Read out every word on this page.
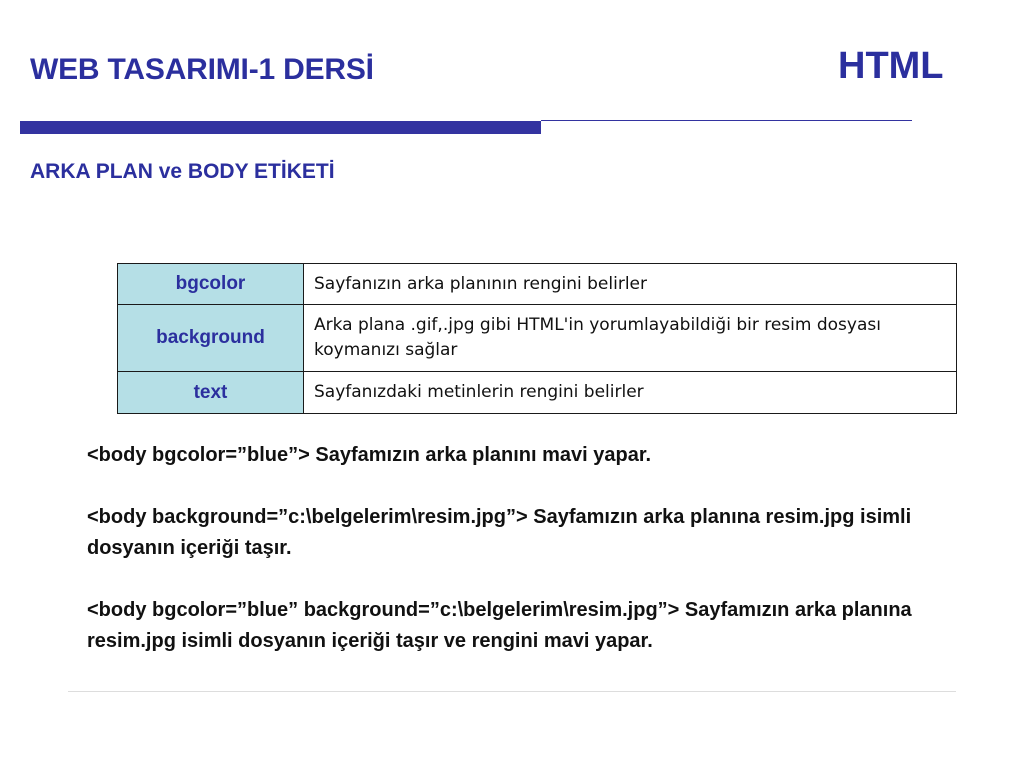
WEB TASARIMI-1 DERSİ	HTML
ARKA PLAN ve BODY ETİKETİ
bgcolor	Sayfanızın arka planının rengini belirler
background	Arka plana .gif,.jpg gibi HTML'in yorumlayabildiği bir resim dosyası koymanızı sağlar
text	Sayfanızdaki metinlerin rengini belirler

<body bgcolor=”blue”> Sayfamızın arka planını mavi yapar.

<body background=”c:\belgelerim\resim.jpg”> Sayfamızın arka planına resim.jpg isimli dosyanın içeriği taşır.

<body bgcolor=”blue” background=”c:\belgelerim\resim.jpg”> Sayfamızın arka planına resim.jpg isimli dosyanın içeriği taşır ve rengini mavi yapar.
